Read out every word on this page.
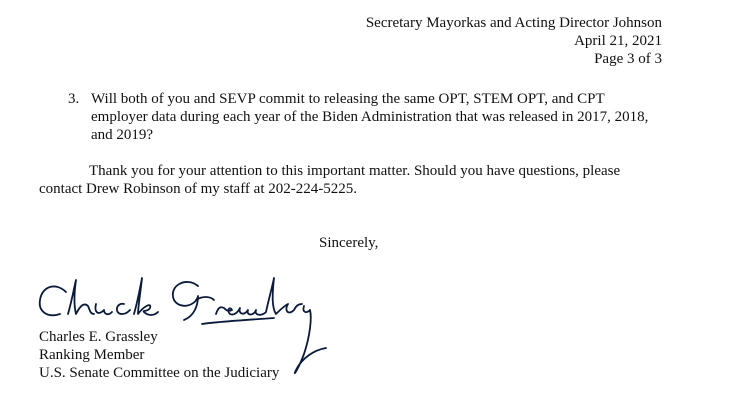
Secretary Mayorkas and Acting Director Johnson
April 21, 2021
Page 3 of 3
3. Will both of you and SEVP commit to releasing the same OPT, STEM OPT, and CPT employer data during each year of the Biden Administration that was released in 2017, 2018, and 2019?
Thank you for your attention to this important matter. Should you have questions, please
contact Drew Robinson of my staff at 202-224-5225.
Sincerely,
Charles E. Grassley
Ranking Member
U.S. Senate Committee on the Judiciary
